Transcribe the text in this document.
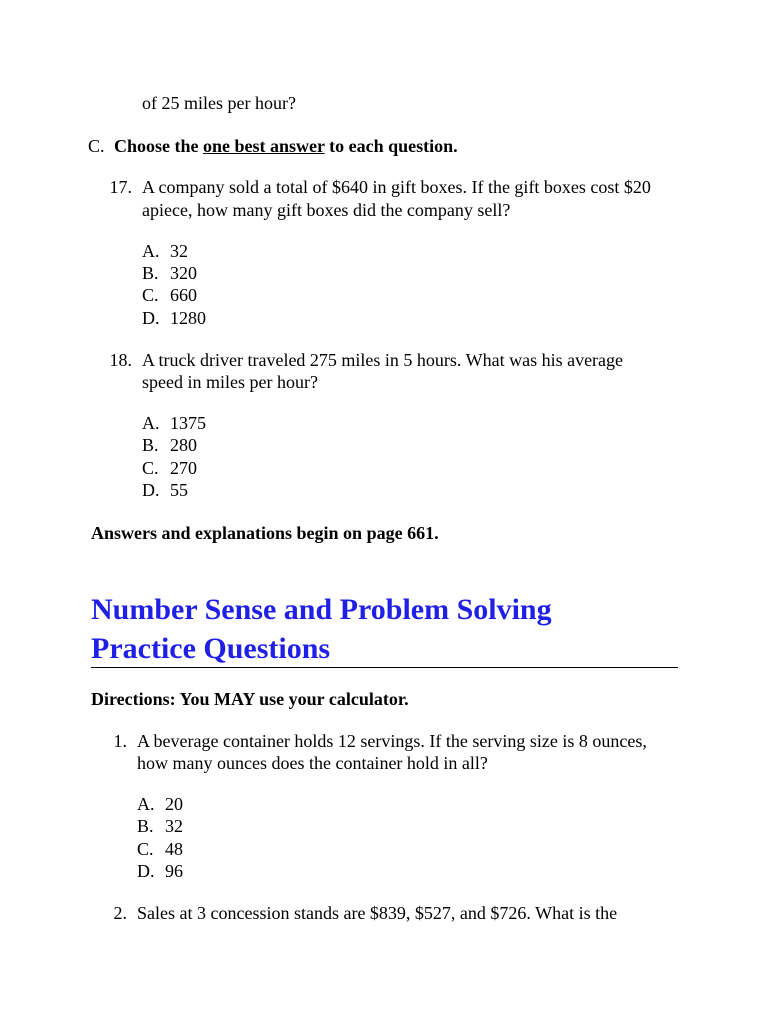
of 25 miles per hour?
C. Choose the one best answer to each question.
17. A company sold a total of $640 in gift boxes. If the gift boxes cost $20
apiece, how many gift boxes did the company sell?
A. 32
B. 320
C. 660
D. 1280
18. A truck driver traveled 275 miles in 5 hours. What was his average
speed in miles per hour?
A. 1375
B. 280
C. 270
D. 55
Answers and explanations begin on page 661.
Number Sense and Problem Solving
Practice Questions
Directions: You MAY use your calculator.
1. A beverage container holds 12 servings. If the serving size is 8 ounces,
how many ounces does the container hold in all?
A. 20
B. 32
C. 48
D. 96
2. Sales at 3 concession stands are $839, $527, and $726. What is the
